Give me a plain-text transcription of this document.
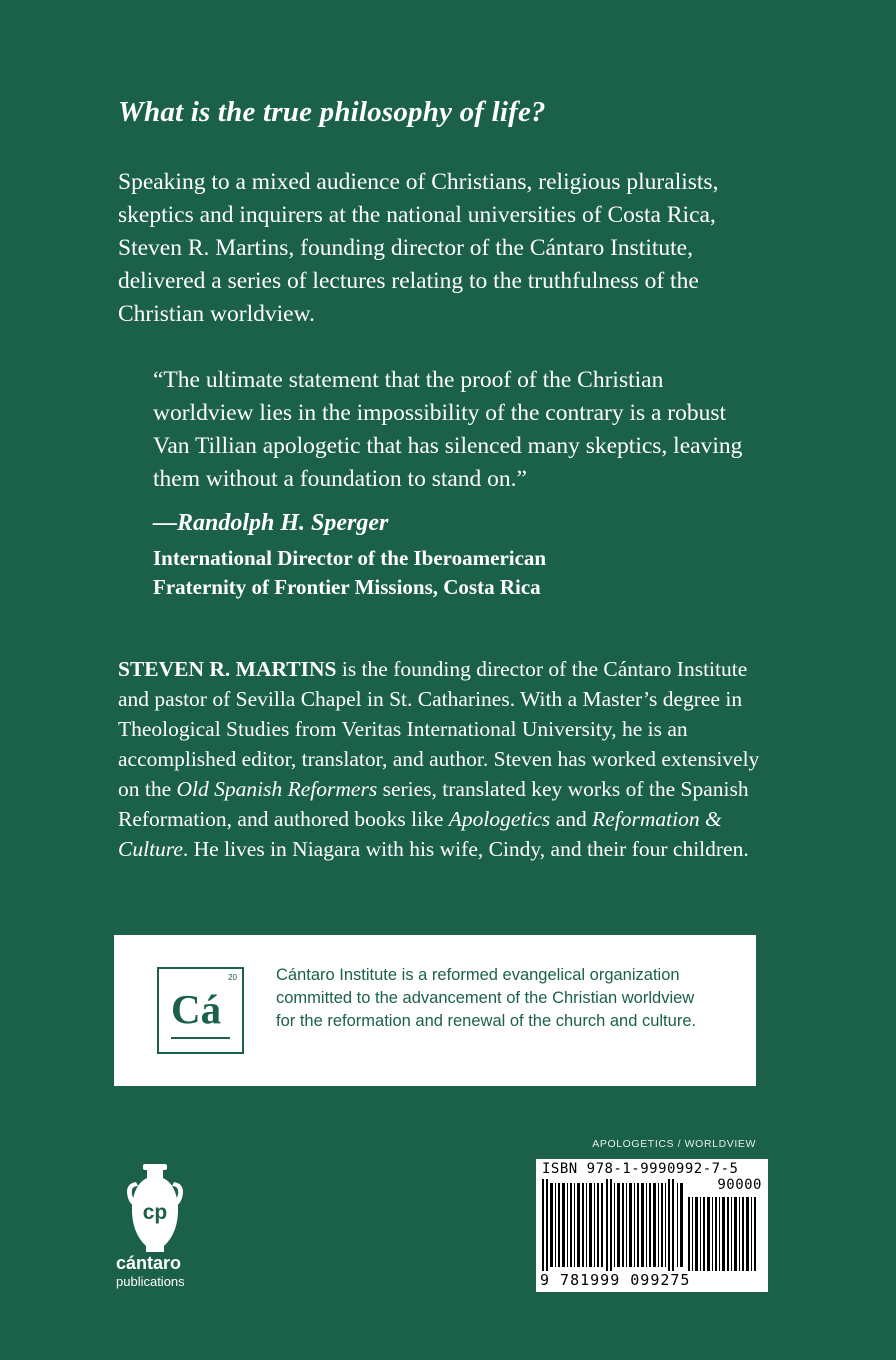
What is the true philosophy of life?
Speaking to a mixed audience of Christians, religious pluralists, skeptics and inquirers at the national universities of Costa Rica, Steven R. Martins, founding director of the Cántaro Institute, delivered a series of lectures relating to the truthfulness of the Christian worldview.
“The ultimate statement that the proof of the Christian worldview lies in the impossibility of the contrary is a robust Van Tillian apologetic that has silenced many skeptics, leaving them without a foundation to stand on.”
—Randolph H. Sperger
International Director of the Iberoamerican
Fraternity of Frontier Missions, Costa Rica
STEVEN R. MARTINS is the founding director of the Cántaro Institute and pastor of Sevilla Chapel in St. Catharines. With a Master’s degree in Theological Studies from Veritas International University, he is an accomplished editor, translator, and author. Steven has worked extensively on the Old Spanish Reformers series, translated key works of the Spanish Reformation, and authored books like Apologetics and Reformation & Culture. He lives in Niagara with his wife, Cindy, and their four children.
20
Cá
Cántaro Institute is a reformed evangelical organization committed to the advancement of the Christian worldview for the reformation and renewal of the church and culture.
APOLOGETICS / WORLDVIEW
ISBN 978-1-9990992-7-5
90000
9 781999 099275
cp
cántaro
publications
